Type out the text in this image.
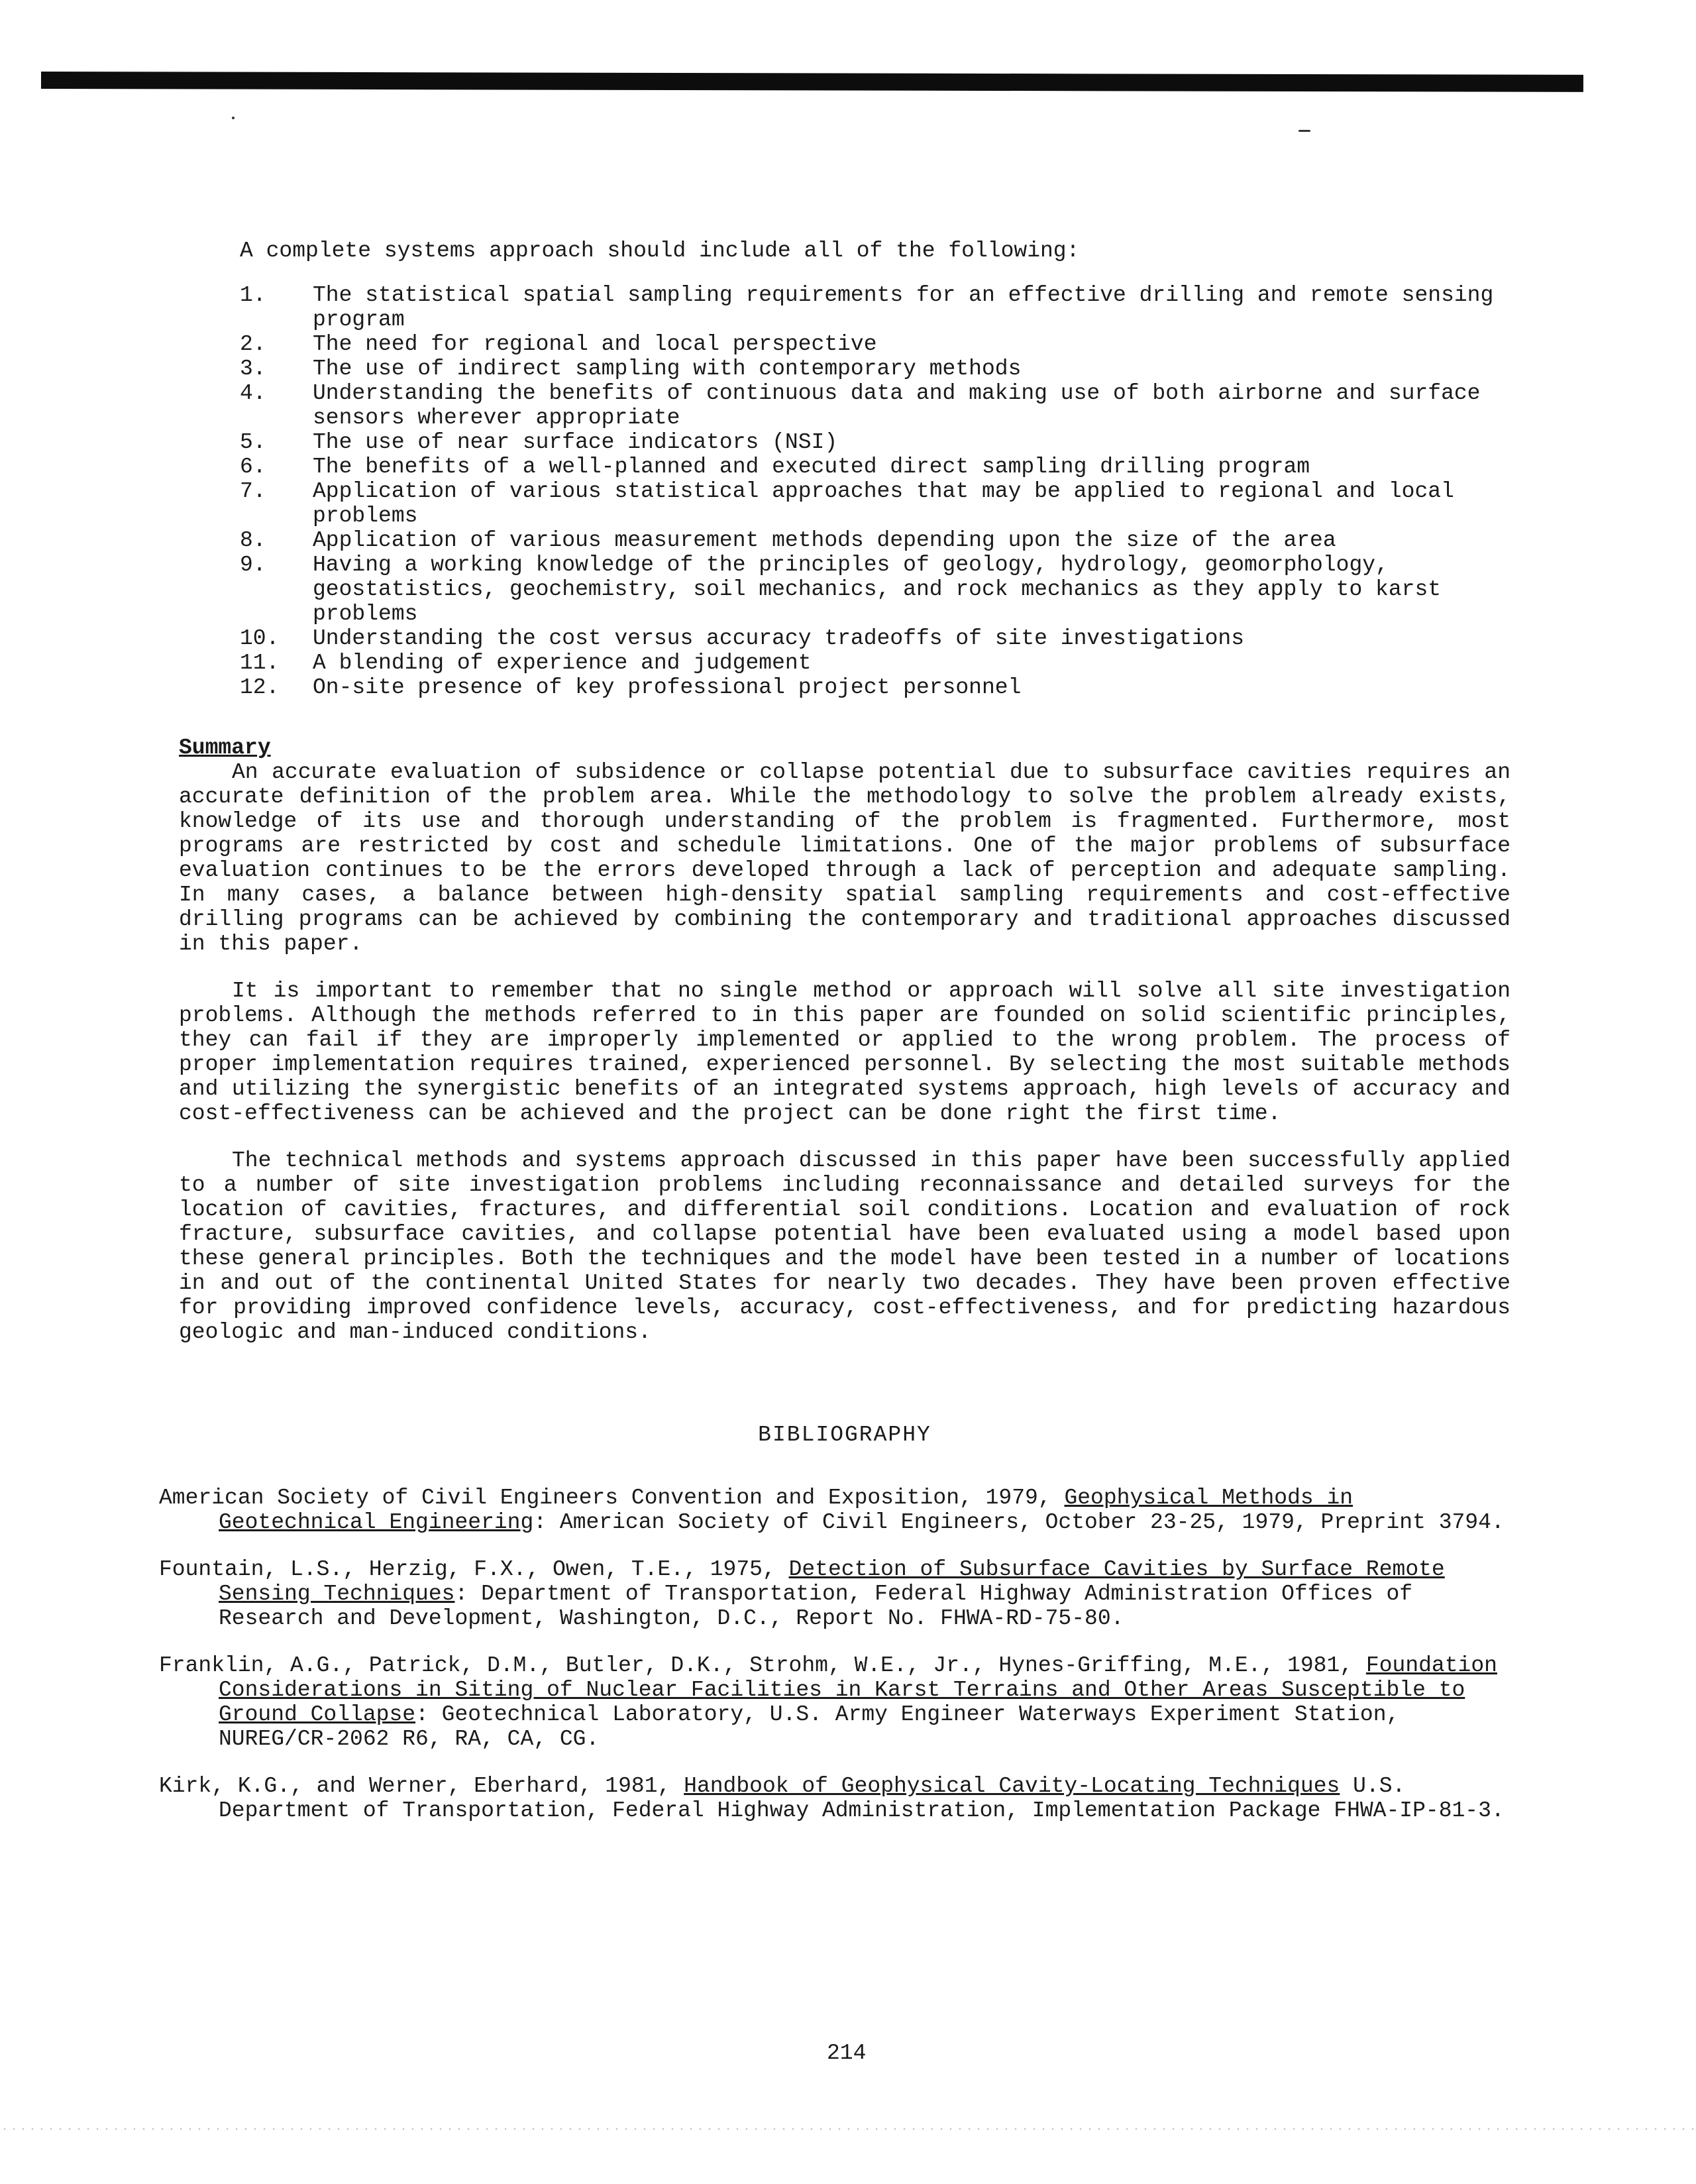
A complete systems approach should include all of the following:

1.	The statistical spatial sampling requirements for an effective drilling and remote sensing program
2.	The need for regional and local perspective
3.	The use of indirect sampling with contemporary methods
4.	Understanding the benefits of continuous data and making use of both airborne and surface sensors wherever appropriate
5.	The use of near surface indicators (NSI)
6.	The benefits of a well-planned and executed direct sampling drilling program
7.	Application of various statistical approaches that may be applied to regional and local problems
8.	Application of various measurement methods depending upon the size of the area
9.	Having a working knowledge of the principles of geology, hydrology, geomorphology, geostatistics, geochemistry, soil mechanics, and rock mechanics as they apply to karst problems
10.	Understanding the cost versus accuracy tradeoffs of site investigations
11.	A blending of experience and judgement
12.	On-site presence of key professional project personnel
Summary

An accurate evaluation of subsidence or collapse potential due to subsurface cavities requires an accurate definition of the problem area. While the methodology to solve the problem already exists, knowledge of its use and thorough understanding of the problem is fragmented. Furthermore, most programs are restricted by cost and schedule limitations. One of the major problems of subsurface evaluation continues to be the errors developed through a lack of perception and adequate sampling. In many cases, a balance between high-density spatial sampling requirements and cost-effective drilling programs can be achieved by combining the contemporary and traditional approaches discussed in this paper.

It is important to remember that no single method or approach will solve all site investigation problems. Although the methods referred to in this paper are founded on solid scientific principles, they can fail if they are improperly implemented or applied to the wrong problem. The process of proper implementation requires trained, experienced personnel. By selecting the most suitable methods and utilizing the synergistic benefits of an integrated systems approach, high levels of accuracy and cost-effectiveness can be achieved and the project can be done right the first time.

The technical methods and systems approach discussed in this paper have been successfully applied to a number of site investigation problems including reconnaissance and detailed surveys for the location of cavities, fractures, and differential soil conditions. Location and evaluation of rock fracture, subsurface cavities, and collapse potential have been evaluated using a model based upon these general principles. Both the techniques and the model have been tested in a number of locations in and out of the continental United States for nearly two decades. They have been proven effective for providing improved confidence levels, accuracy, cost-effectiveness, and for predicting hazardous geologic and man-induced conditions.

BIBLIOGRAPHY

American Society of Civil Engineers Convention and Exposition, 1979, Geophysical Methods in Geotechnical Engineering: American Society of Civil Engineers, October 23-25, 1979, Preprint 3794.

Fountain, L.S., Herzig, F.X., Owen, T.E., 1975, Detection of Subsurface Cavities by Surface Remote Sensing Techniques: Department of Transportation, Federal Highway Administration Offices of Research and Development, Washington, D.C., Report No. FHWA-RD-75-80.

Franklin, A.G., Patrick, D.M., Butler, D.K., Strohm, W.E., Jr., Hynes-Griffing, M.E., 1981, Foundation Considerations in Siting of Nuclear Facilities in Karst Terrains and Other Areas Susceptible to Ground Collapse: Geotechnical Laboratory, U.S. Army Engineer Waterways Experiment Station, NUREG/CR-2062 R6, RA, CA, CG.

Kirk, K.G., and Werner, Eberhard, 1981, Handbook of Geophysical Cavity-Locating Techniques U.S. Department of Transportation, Federal Highway Administration, Implementation Package FHWA-IP-81-3.

214
